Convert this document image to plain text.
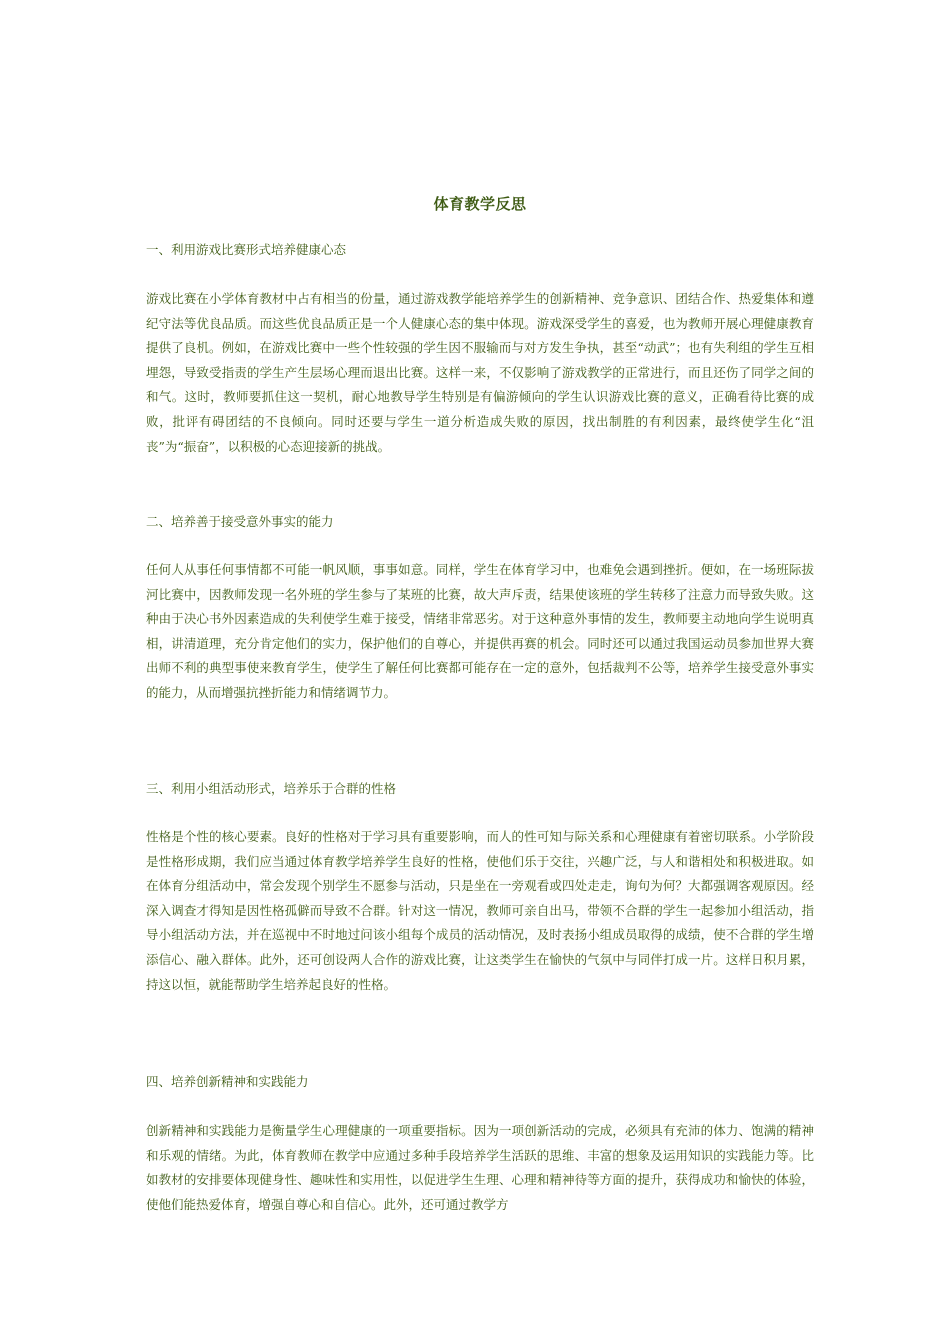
体育教学反思

一、利用游戏比赛形式培养健康心态

游戏比赛在小学体育教材中占有相当的份量，通过游戏教学能培养学生的创新精神、竞争意识、团结合作、热爱集体和遵纪守法等优良品质。而这些优良品质正是一个人健康心态的集中体现。游戏深受学生的喜爱，也为教师开展心理健康教育提供了良机。例如，在游戏比赛中一些个性较强的学生因不服输而与对方发生争执，甚至“动武”；也有失利组的学生互相埋怨，导致受指责的学生产生层场心理而退出比赛。这样一来，不仅影响了游戏教学的正常进行，而且还伤了同学之间的和气。这时，教师要抓住这一契机，耐心地教导学生特别是有偏游倾向的学生认识游戏比赛的意义，正确看待比赛的成败，批评有碍团结的不良倾向。同时还要与学生一道分析造成失败的原因，找出制胜的有利因素，最终使学生化“沮丧”为“振奋”，以积极的心态迎接新的挑战。

二、培养善于接受意外事实的能力

任何人从事任何事情都不可能一帆风顺，事事如意。同样，学生在体育学习中，也难免会遇到挫折。便如，在一场班际拔河比赛中，因教师发现一名外班的学生参与了某班的比赛，故大声斥责，结果使该班的学生转移了注意力而导致失败。这种由于决心书外因素造成的失利使学生难于接受，情绪非常恶劣。对于这种意外事情的发生，教师要主动地向学生说明真相，讲清道理，充分肯定他们的实力，保护他们的自尊心，并提供再赛的机会。同时还可以通过我国运动员参加世界大赛出师不利的典型事使来教育学生，使学生了解任何比赛都可能存在一定的意外，包括裁判不公等，培养学生接受意外事实的能力，从而增强抗挫折能力和情绪调节力。

三、利用小组活动形式，培养乐于合群的性格

性格是个性的核心要素。良好的性格对于学习具有重要影响，而人的性可知与际关系和心理健康有着密切联系。小学阶段是性格形成期，我们应当通过体育教学培养学生良好的性格，使他们乐于交往，兴趣广泛，与人和谐相处和积极进取。如在体育分组活动中，常会发现个别学生不愿参与活动，只是坐在一旁观看或四处走走，询句为何？大都强调客观原因。经深入调查才得知是因性格孤僻而导致不合群。针对这一情况，教师可亲自出马，带领不合群的学生一起参加小组活动，指导小组活动方法，并在巡视中不时地过问该小组每个成员的活动情况，及时表扬小组成员取得的成绩，使不合群的学生增添信心、融入群体。此外，还可创设两人合作的游戏比赛，让这类学生在愉快的气氛中与同伴打成一片。这样日积月累，持这以恒，就能帮助学生培养起良好的性格。

四、培养创新精神和实践能力

创新精神和实践能力是衡量学生心理健康的一项重要指标。因为一项创新活动的完成，必须具有充沛的体力、饱满的精神和乐观的情绪。为此，体育教师在教学中应通过多种手段培养学生活跃的思维、丰富的想象及运用知识的实践能力等。比如教材的安排要体现健身性、趣味性和实用性，以促进学生生理、心理和精神待等方面的提升，获得成功和愉快的体验，使他们能热爱体育，增强自尊心和自信心。此外，还可通过教学方
